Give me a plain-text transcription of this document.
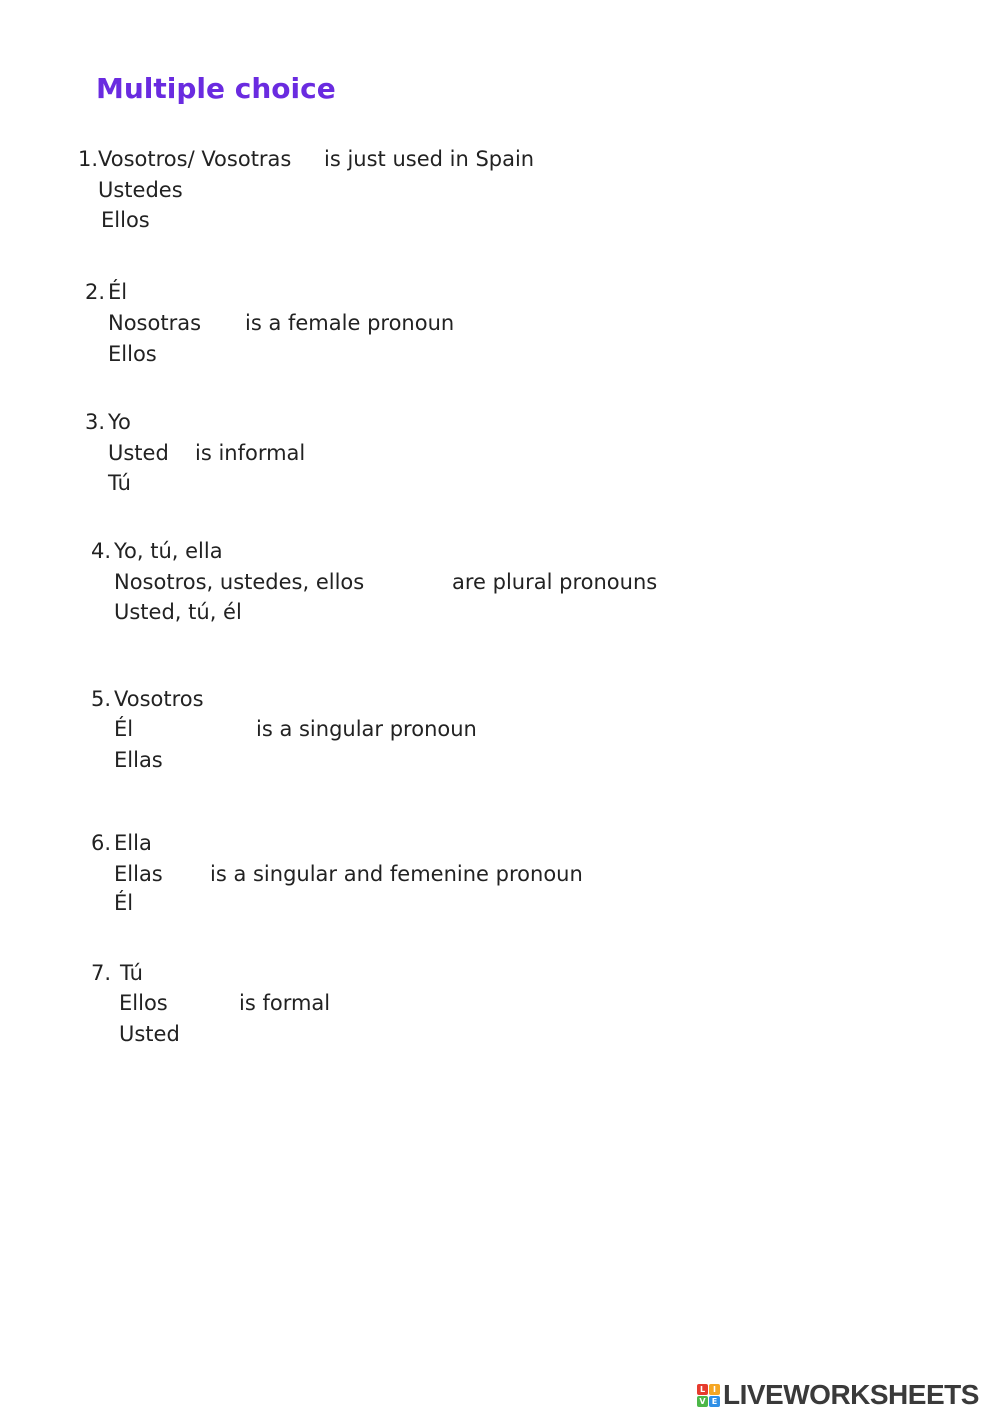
Multiple choice
1. Vosotros/ Vosotras is just used in Spain
Ustedes
Ellos
2. Él
Nosotras is a female pronoun
Ellos
3. Yo
Usted is informal
Tú
4. Yo, tú, ella
Nosotros, ustedes, ellos	are plural pronouns
Usted, tú, él
5. Vosotros
Él	is a singular pronoun
Ellas
6. Ella
Ellas is a singular and femenine pronoun
Él
7. Tú
Ellos	is formal
Usted
L I
V E LIVEWORKSHEETS
